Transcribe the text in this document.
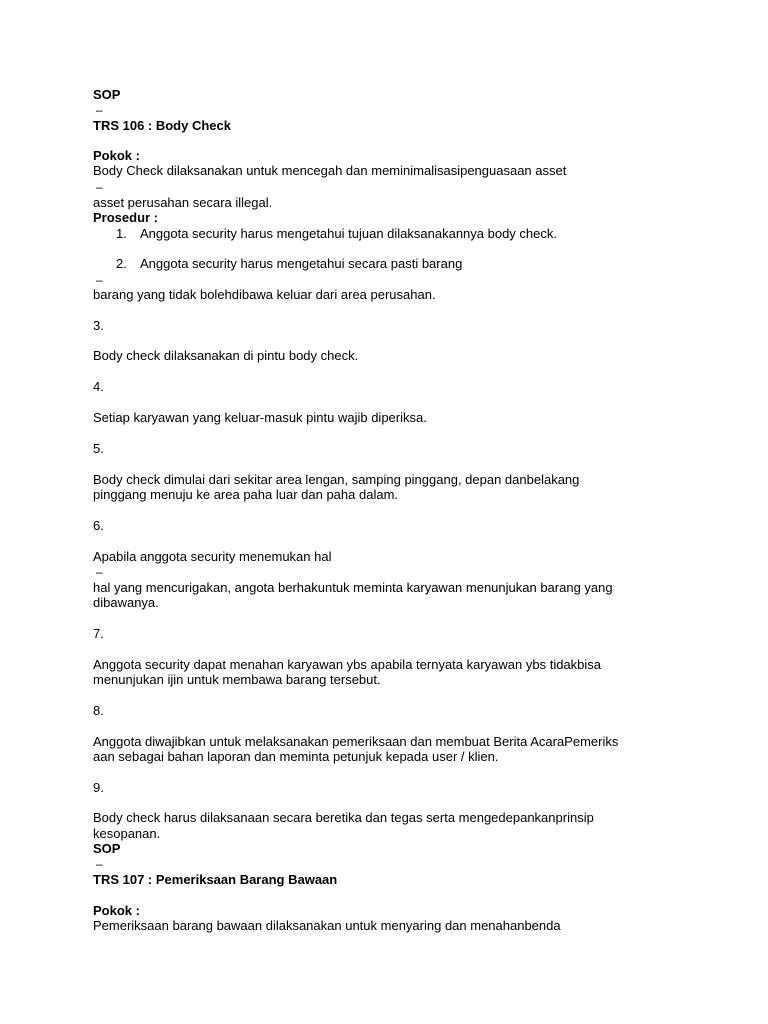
SOP
–
TRS 106 : Body Check
Pokok :
Body Check dilaksanakan untuk mencegah dan meminimalisasipenguasaan asset
–
asset perusahan secara illegal.
Prosedur :
1. Anggota security harus mengetahui tujuan dilaksanakannya body check.
2. Anggota security harus mengetahui secara pasti barang
–
barang yang tidak bolehdibawa keluar dari area perusahan.
3.
Body check dilaksanakan di pintu body check.
4.
Setiap karyawan yang keluar-masuk pintu wajib diperiksa.
5.
Body check dimulai dari sekitar area lengan, samping pinggang, depan danbelakang
pinggang menuju ke area paha luar dan paha dalam.
6.
Apabila anggota security menemukan hal
–
hal yang mencurigakan, angota berhakuntuk meminta karyawan menunjukan barang yang
dibawanya.
7.
Anggota security dapat menahan karyawan ybs apabila ternyata karyawan ybs tidakbisa
menunjukan ijin untuk membawa barang tersebut.
8.
Anggota diwajibkan untuk melaksanakan pemeriksaan dan membuat Berita AcaraPemeriks
aan sebagai bahan laporan dan meminta petunjuk kepada user / klien.
9.
Body check harus dilaksanaan secara beretika dan tegas serta mengedepankanprinsip
kesopanan.
SOP
–
TRS 107 : Pemeriksaan Barang Bawaan
Pokok :
Pemeriksaan barang bawaan dilaksanakan untuk menyaring dan menahanbenda
